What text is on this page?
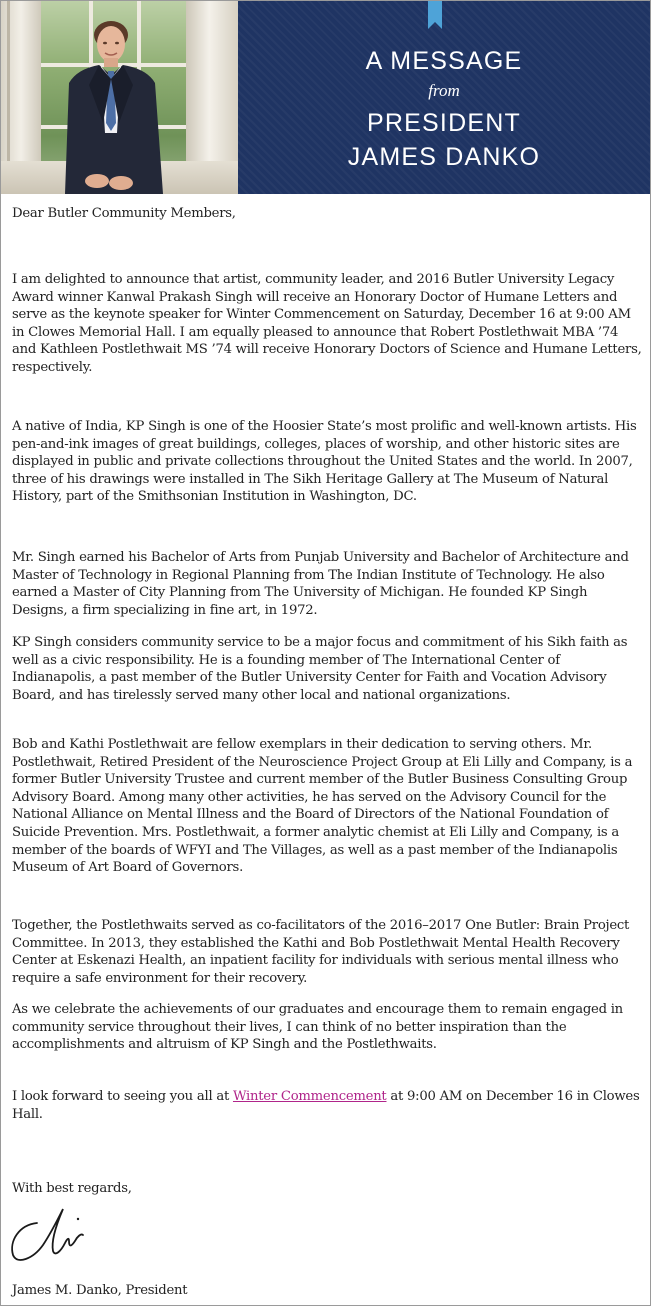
A MESSAGE
from
PRESIDENT
JAMES DANKO

Dear Butler Community Members,

I am delighted to announce that artist, community leader, and 2016 Butler University Legacy Award winner Kanwal Prakash Singh will receive an Honorary Doctor of Humane Letters and serve as the keynote speaker for Winter Commencement on Saturday, December 16 at 9:00 AM in Clowes Memorial Hall. I am equally pleased to announce that Robert Postlethwait MBA ’74 and Kathleen Postlethwait MS ’74 will receive Honorary Doctors of Science and Humane Letters, respectively.

A native of India, KP Singh is one of the Hoosier State’s most prolific and well-known artists. His pen-and-ink images of great buildings, colleges, places of worship, and other historic sites are displayed in public and private collections throughout the United States and the world. In 2007, three of his drawings were installed in The Sikh Heritage Gallery at The Museum of Natural History, part of the Smithsonian Institution in Washington, DC.

Mr. Singh earned his Bachelor of Arts from Punjab University and Bachelor of Architecture and Master of Technology in Regional Planning from The Indian Institute of Technology. He also earned a Master of City Planning from The University of Michigan. He founded KP Singh Designs, a firm specializing in fine art, in 1972.

KP Singh considers community service to be a major focus and commitment of his Sikh faith as well as a civic responsibility. He is a founding member of The International Center of Indianapolis, a past member of the Butler University Center for Faith and Vocation Advisory Board, and has tirelessly served many other local and national organizations.

Bob and Kathi Postlethwait are fellow exemplars in their dedication to serving others. Mr. Postlethwait, Retired President of the Neuroscience Project Group at Eli Lilly and Company, is a former Butler University Trustee and current member of the Butler Business Consulting Group Advisory Board. Among many other activities, he has served on the Advisory Council for the National Alliance on Mental Illness and the Board of Directors of the National Foundation of Suicide Prevention. Mrs. Postlethwait, a former analytic chemist at Eli Lilly and Company, is a member of the boards of WFYI and The Villages, as well as a past member of the Indianapolis Museum of Art Board of Governors.

Together, the Postlethwaits served as co-facilitators of the 2016–2017 One Butler: Brain Project Committee. In 2013, they established the Kathi and Bob Postlethwait Mental Health Recovery Center at Eskenazi Health, an inpatient facility for individuals with serious mental illness who require a safe environment for their recovery.

As we celebrate the achievements of our graduates and encourage them to remain engaged in community service throughout their lives, I can think of no better inspiration than the accomplishments and altruism of KP Singh and the Postlethwaits.

I look forward to seeing you all at Winter Commencement at 9:00 AM on December 16 in Clowes Hall.

With best regards,

James M. Danko, President
